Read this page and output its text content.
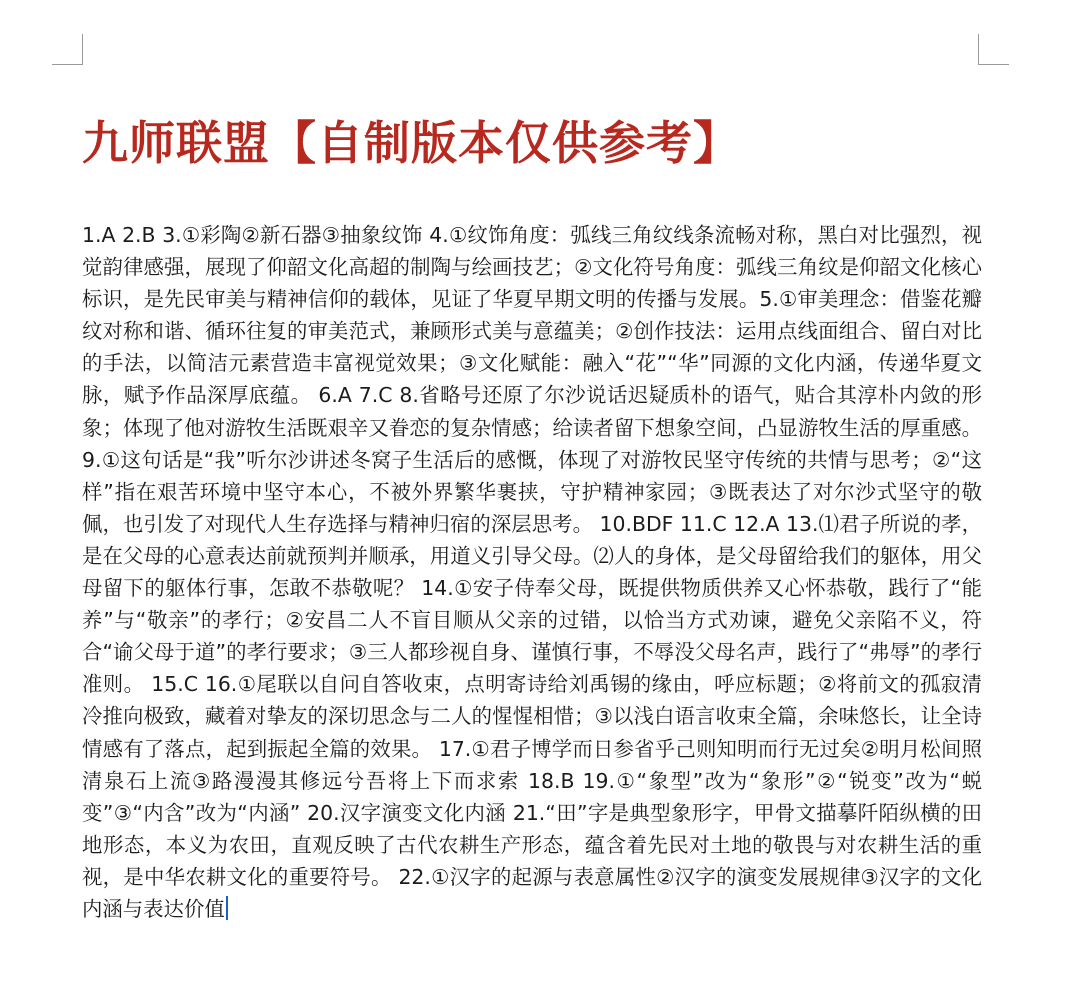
九师联盟【自制版本仅供参考】

1.A 2.B 3.①彩陶②新石器③抽象纹饰 4.①纹饰角度：弧线三角纹线条流畅对称，黑白对比强烈，视觉韵律感强，展现了仰韶文化高超的制陶与绘画技艺；②文化符号角度：弧线三角纹是仰韶文化核心标识，是先民审美与精神信仰的载体，见证了华夏早期文明的传播与发展。5.①审美理念：借鉴花瓣纹对称和谐、循环往复的审美范式，兼顾形式美与意蕴美；②创作技法：运用点线面组合、留白对比的手法，以简洁元素营造丰富视觉效果；③文化赋能：融入“花”“华”同源的文化内涵，传递华夏文脉，赋予作品深厚底蕴。 6.A 7.C 8.省略号还原了尔沙说话迟疑质朴的语气，贴合其淳朴内敛的形象；体现了他对游牧生活既艰辛又眷恋的复杂情感；给读者留下想象空间，凸显游牧生活的厚重感。 9.①这句话是“我”听尔沙讲述冬窝子生活后的感慨，体现了对游牧民坚守传统的共情与思考；②“这样”指在艰苦环境中坚守本心，不被外界繁华裹挟，守护精神家园；③既表达了对尔沙式坚守的敬佩，也引发了对现代人生存选择与精神归宿的深层思考。 10.BDF 11.C 12.A 13.⑴君子所说的孝，是在父母的心意表达前就预判并顺承，用道义引导父母。⑵人的身体，是父母留给我们的躯体，用父母留下的躯体行事，怎敢不恭敬呢？ 14.①安子侍奉父母，既提供物质供养又心怀恭敬，践行了“能养”与“敬亲”的孝行；②安昌二人不盲目顺从父亲的过错，以恰当方式劝谏，避免父亲陷不义，符合“谕父母于道”的孝行要求；③三人都珍视自身、谨慎行事，不辱没父母名声，践行了“弗辱”的孝行准则。 15.C 16.①尾联以自问自答收束，点明寄诗给刘禹锡的缘由，呼应标题；②将前文的孤寂清冷推向极致，藏着对挚友的深切思念与二人的惺惺相惜；③以浅白语言收束全篇，余味悠长，让全诗情感有了落点，起到振起全篇的效果。 17.①君子博学而日参省乎己则知明而行无过矣②明月松间照清泉石上流③路漫漫其修远兮吾将上下而求索 18.B 19.①“象型”改为“象形”②“锐变”改为“蜕变”③“内含”改为“内涵” 20.汉字演变文化内涵 21.“田”字是典型象形字，甲骨文描摹阡陌纵横的田地形态，本义为农田，直观反映了古代农耕生产形态，蕴含着先民对土地的敬畏与对农耕生活的重视，是中华农耕文化的重要符号。 22.①汉字的起源与表意属性②汉字的演变发展规律③汉字的文化内涵与表达价值
